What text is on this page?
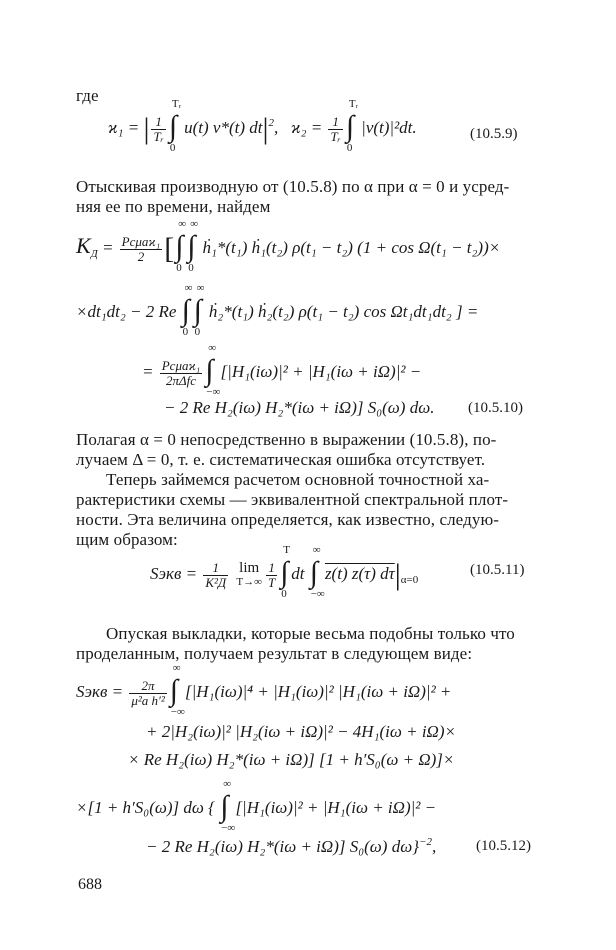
где
ϰ₁ = | $\frac{1}{\text{Tᵣ}}$
Tᵣ
∫
0
u(t) v*(t) $dt|^2$,   $ϰ_2 = \frac{1}{\text{Tᵣ}}$
Tᵣ
∫
0
|v(t)|²dt.	(10.5.9)
Отыскивая производную от (10.5.8) по α при α = 0 и усред-
няя ее по времени, найдем
$K_Д = \frac{\text{Pcμaϰ₁}}{2}$ [
∞
∫
0
∞
∫
0
ḣ₁*(t₁) ḣ₁(t₂) ρ(t₁ − t₂) (1 + cos Ω(t₁ − t₂))×
×dt₁dt₂ − 2 Re
∞
∫
0
∞
∫
0
ḣ₂*(t₁) ḣ₂(t₂) ρ(t₁ − t₂) cos Ωt₁dt₁dt₂ ] =
= $\frac{\text{Pcμaϰ₁}}{\text{2πΔfc}}$
∞
∫
−∞
[|H₁(iω)|² + |H₁(iω + iΩ)|² −
− 2 Re H₂(iω) H₂*(iω + iΩ)] S₀(ω) dω. (10.5.10)
Полагая α = 0 непосредственно в выражении (10.5.8), по-
лучаем Δ = 0, т. е. систематическая ошибка отсутствует.
Теперь займемся расчетом основной точностной ха-
рактеристики схемы — эквивалентной спектральной плот-
ности. Эта величина определяется, как известно, следую-
щим образом:
Sэкв = $\frac{1}{\text{K²Д}}$
lim
$T\to\infty \frac{1}{T}$
T
∫
0
dt
∞
∫
−∞
z(t) z(τ) $d\tau|_{\alpha=0}$
(10.5.11)
Опуская выкладки, которые весьма подобны только что
проделанным, получаем результат в следующем виде:
Sэкв = $\frac{2\pi}{\text{μ²a h′²}}$
∞
∫
−∞
[|H₁(iω)|⁴ + |H₁(iω)|² |H₁(iω + iΩ)|² +
+ 2|H₂(iω)|² |H₂(iω + iΩ)|² − 4H₁(iω + iΩ)×
× Re H₂(iω) H₂*(iω + iΩ)] [1 + h′S₀(ω + Ω)]×
×[1 + h′S₀(ω)] dω {
∞
∫
−∞
[|H₁(iω)|² + |H₁(iω + iΩ)|² −
− 2 Re H₂(iω) H₂*(iω + iΩ)] S₀(ω) dω}$^{-2}$,	(10.5.12)
688
